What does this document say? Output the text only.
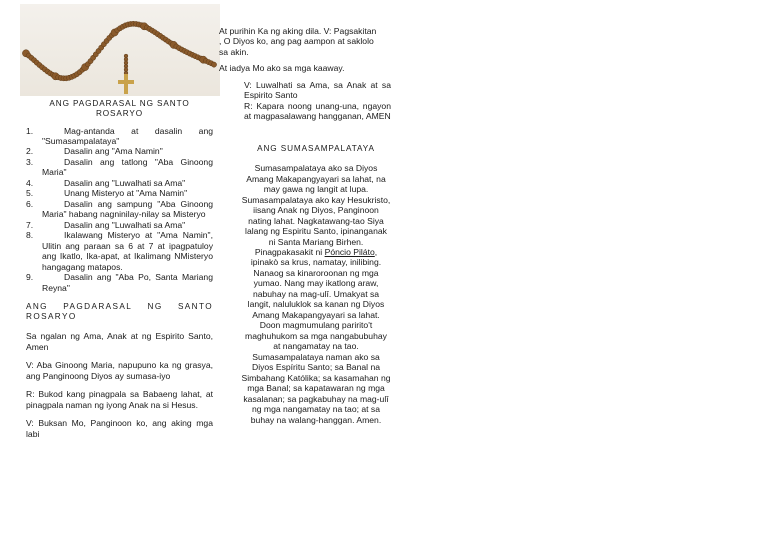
ANG PAGDARASAL NG SANTO
ROSARYO

1.	Mag-antanda at dasalin ang "Sumasampalataya"
2.	Dasalin ang "Ama Namin"
3.	Dasalin ang tatlong "Aba Ginoong Maria"
4.	Dasalin ang "Luwalhati sa Ama"
5.	Unang Misteryo at "Ama Namin"
6.	Dasalin ang sampung "Aba Ginoong Maria" habang nagninilay-nilay sa Misteryo
7.	Dasalin ang "Luwalhati sa Ama"
8.	Ikalawang Misteryo at "Ama Namin", Ulitin ang paraan sa 6 at 7 at ipagpatuloy ang Ikatlo, Ika-apat, at Ikalimang NMisteryo hangagang matapos.
9.	Dasalin ang "Aba Po, Santa Mariang Reyna"
ANG PAGDARASAL NG SANTO

ROSARYO

Sa ngalan ng Ama, Anak at ng Espirito Santo, Amen

V: Aba Ginoong Maria, napupuno ka ng grasya, ang Panginoong Diyos ay sumasa-iyo

R: Bukod kang pinagpala sa Babaeng lahat, at pinagpala naman ng iyong Anak na si Hesus.

V: Buksan Mo, Panginoon ko, ang aking mga labi

At purihin Ka ng aking dila. V: Pagsakitan
, O Diyos ko, ang pag aampon at saklolo
sa akin.

At iadya Mo ako sa mga kaaway.

V: Luwalhati sa Ama, sa Anak at sa Espirito Santo

R: Kapara noong unang-una, ngayon at magpasalawang hangganan, AMEN

ANG SUMASAMPALATAYA

Sumasampalataya ako sa Diyos Amang Makapangyayari sa lahat, na may gawa ng langit at lupa. Sumasampalataya ako kay Hesukristo, iisang Anak ng Diyos, Panginoon nating lahat. Nagkatawang-tao Siya lalang ng Espiritu Santo, ipinanganak ni Santa Mariang Birhen. Pinagpakasakit ni Póncio Piláto, ipinakò sa krus, namatay, inilibing. Nanaog sa kinaroroonan ng mga yumao. Nang may ikatlong araw, nabuhay na mag-ulî. Umakyat sa langit, naluluklok sa kanan ng Diyos Amang Makapangyayari sa lahat. Doon magmumulang paririto't maghuhukom sa mga nangabubuhay at nangamatay na tao. Sumasampalataya naman ako sa Diyos Espíritu Santo; sa Banal na Simbahang Katólika; sa kasamahan ng mga Banal; sa kapatawaran ng mga kasalanan; sa pagkabuhay na mag-ulî ng mga nangamatay na tao; at sa buhay na walang-hanggan. Amen.
